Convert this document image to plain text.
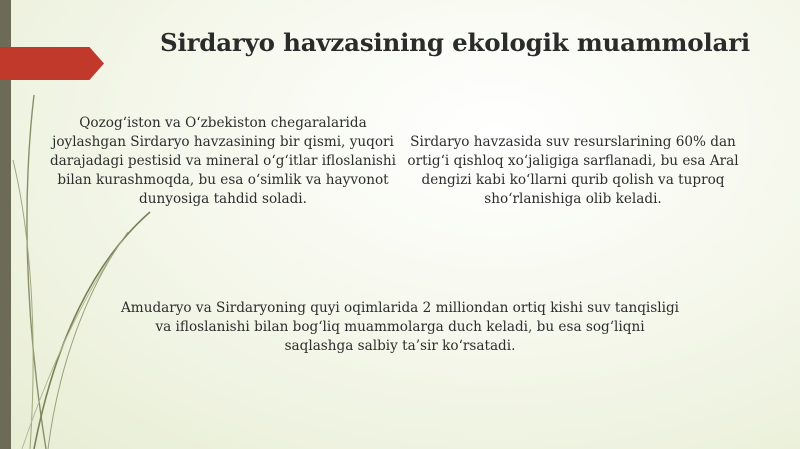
Sirdaryo havzasining ekologik muammolari

Qozog‘iston va O‘zbekiston chegaralarida joylashgan Sirdaryo havzasining bir qismi, yuqori darajadagi pestisid va mineral o‘g‘itlar ifloslanishi bilan kurashmoqda, bu esa o‘simlik va hayvonot dunyosiga tahdid soladi.

Sirdaryo havzasida suv resurslarining 60% dan ortig‘i qishloq xo‘jaligiga sarflanadi, bu esa Aral dengizi kabi ko‘llarni qurib qolish va tuproq sho‘rlanishiga olib keladi.

Amudaryo va Sirdaryoning quyi oqimlarida 2 milliondan ortiq kishi suv tanqisligi va ifloslanishi bilan bog‘liq muammolarga duch keladi, bu esa sog‘liqni saqlashga salbiy ta’sir ko‘rsatadi.
